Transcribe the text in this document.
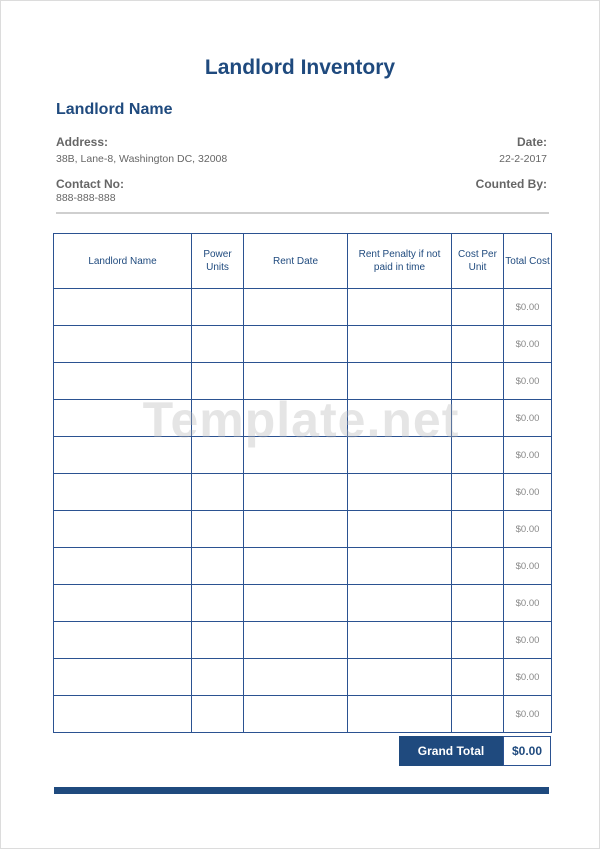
Landlord Inventory
Landlord Name
Address:
38B, Lane-8, Washington DC, 32008
Date:
22-2-2017
Contact No:
888-888-888
Counted By:
Landlord Name	Power Units	Rent Date	Rent Penalty if not paid in time	Cost Per Unit	Total Cost
					$0.00
					$0.00
					$0.00
					$0.00
					$0.00
					$0.00
					$0.00
					$0.00
					$0.00
					$0.00
					$0.00
					$0.00
Template.net
Grand Total	$0.00
